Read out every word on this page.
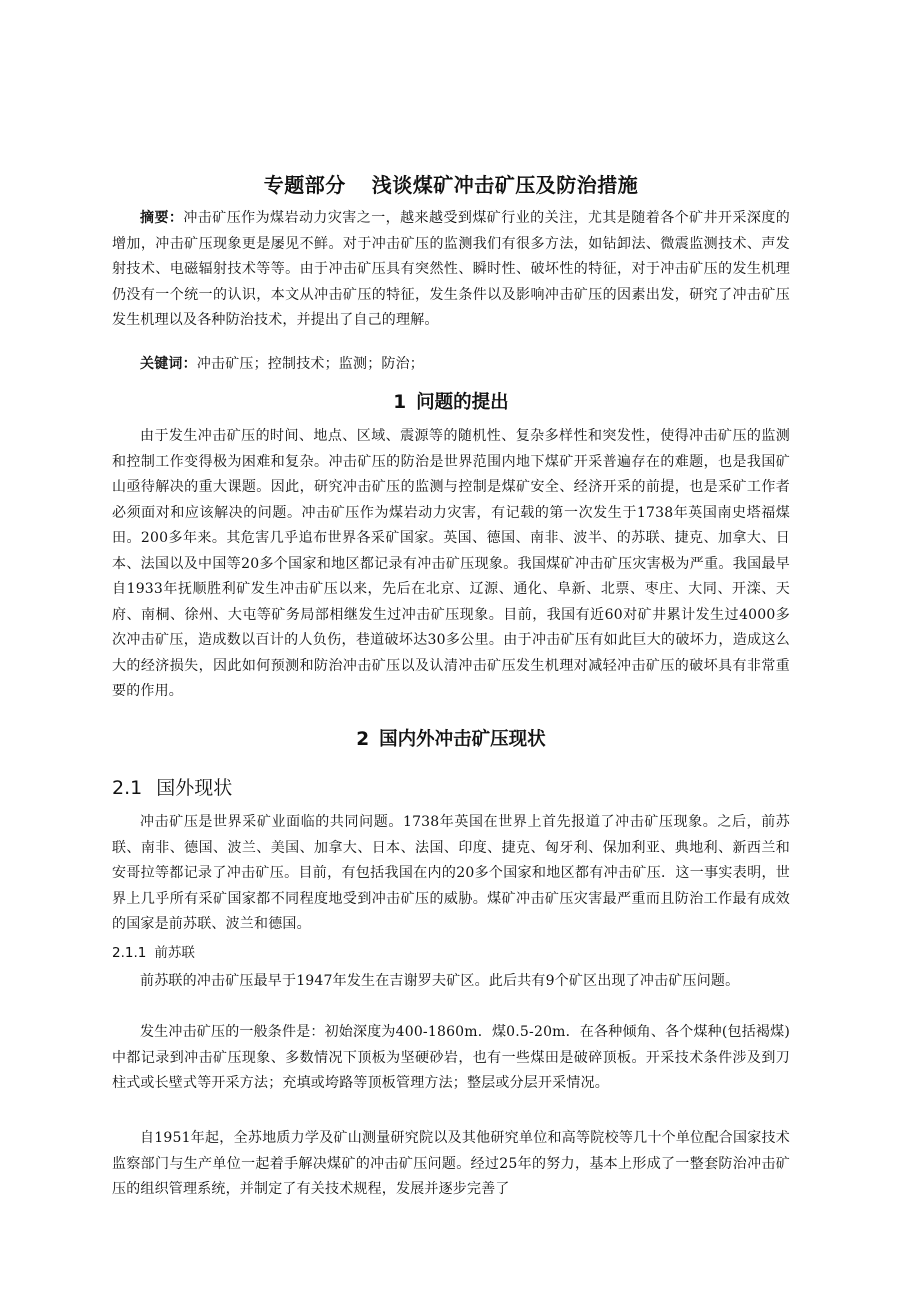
专题部分 浅谈煤矿冲击矿压及防治措施

摘要：冲击矿压作为煤岩动力灾害之一，越来越受到煤矿行业的关注，尤其是随着各个矿井开采深度的增加，冲击矿压现象更是屡见不鲜。对于冲击矿压的监测我们有很多方法，如钻卸法、微震监测技术、声发射技术、电磁辐射技术等等。由于冲击矿压具有突然性、瞬时性、破坏性的特征，对于冲击矿压的发生机理仍没有一个统一的认识，本文从冲击矿压的特征，发生条件以及影响冲击矿压的因素出发，研究了冲击矿压发生机理以及各种防治技术，并提出了自己的理解。

关键词：冲击矿压；控制技术；监测；防治；

1 问题的提出

由于发生冲击矿压的时间、地点、区域、震源等的随机性、复杂多样性和突发性，使得冲击矿压的监测和控制工作变得极为困难和复杂。冲击矿压的防治是世界范围内地下煤矿开采普遍存在的难题，也是我国矿山亟待解决的重大课题。因此，研究冲击矿压的监测与控制是煤矿安全、经济开采的前提，也是采矿工作者必须面对和应该解决的问题。冲击矿压作为煤岩动力灾害，有记载的第一次发生于1738年英国南史塔福煤田。200多年来。其危害几乎追布世界各采矿国家。英国、德国、南非、波半、的苏联、捷克、加拿大、日本、法国以及中国等20多个国家和地区都记录有冲击矿压现象。我国煤矿冲击矿压灾害极为严重。我国最早自1933年抚顺胜利矿发生冲击矿压以来，先后在北京、辽源、通化、阜新、北票、枣庄、大同、开滦、天府、南桐、徐州、大屯等矿务局部相继发生过冲击矿压现象。目前，我国有近60对矿井累计发生过4000多次冲击矿压，造成数以百计的人负伤，巷道破坏达30多公里。由于冲击矿压有如此巨大的破坏力，造成这么大的经济损失，因此如何预测和防治冲击矿压以及认清冲击矿压发生机理对减轻冲击矿压的破坏具有非常重要的作用。

2 国内外冲击矿压现状
2.1 国外现状

冲击矿压是世界采矿业面临的共同问题。1738年英国在世界上首先报道了冲击矿压现象。之后，前苏联、南非、德国、波兰、美国、加拿大、日本、法国、印度、捷克、匈牙利、保加利亚、典地利、新西兰和安哥拉等都记录了冲击矿压。目前，有包括我国在内的20多个国家和地区都有冲击矿压．这一事实表明，世界上几乎所有采矿国家都不同程度地受到冲击矿压的威胁。煤矿冲击矿压灾害最严重而且防治工作最有成效的国家是前苏联、波兰和德国。

2.1.1 前苏联

前苏联的冲击矿压最早于1947年发生在吉谢罗夫矿区。此后共有9个矿区出现了冲击矿压问题。

发生冲击矿压的一般条件是：初始深度为400-1860m．煤0.5-20m．在各种倾角、各个煤种(包括褐煤)中都记录到冲击矿压现象、多数情况下顶板为坚硬砂岩，也有一些煤田是破碎顶板。开采技术条件涉及到刀柱式或长壁式等开采方法；充填或垮路等顶板管理方法；整层或分层开采情况。

自1951年起，全苏地质力学及矿山测量研究院以及其他研究单位和高等院校等几十个单位配合国家技术监察部门与生产单位一起着手解决煤矿的冲击矿压问题。经过25年的努力，基本上形成了一整套防治冲击矿压的组织管理系统，并制定了有关技术规程，发展并逐步完善了
